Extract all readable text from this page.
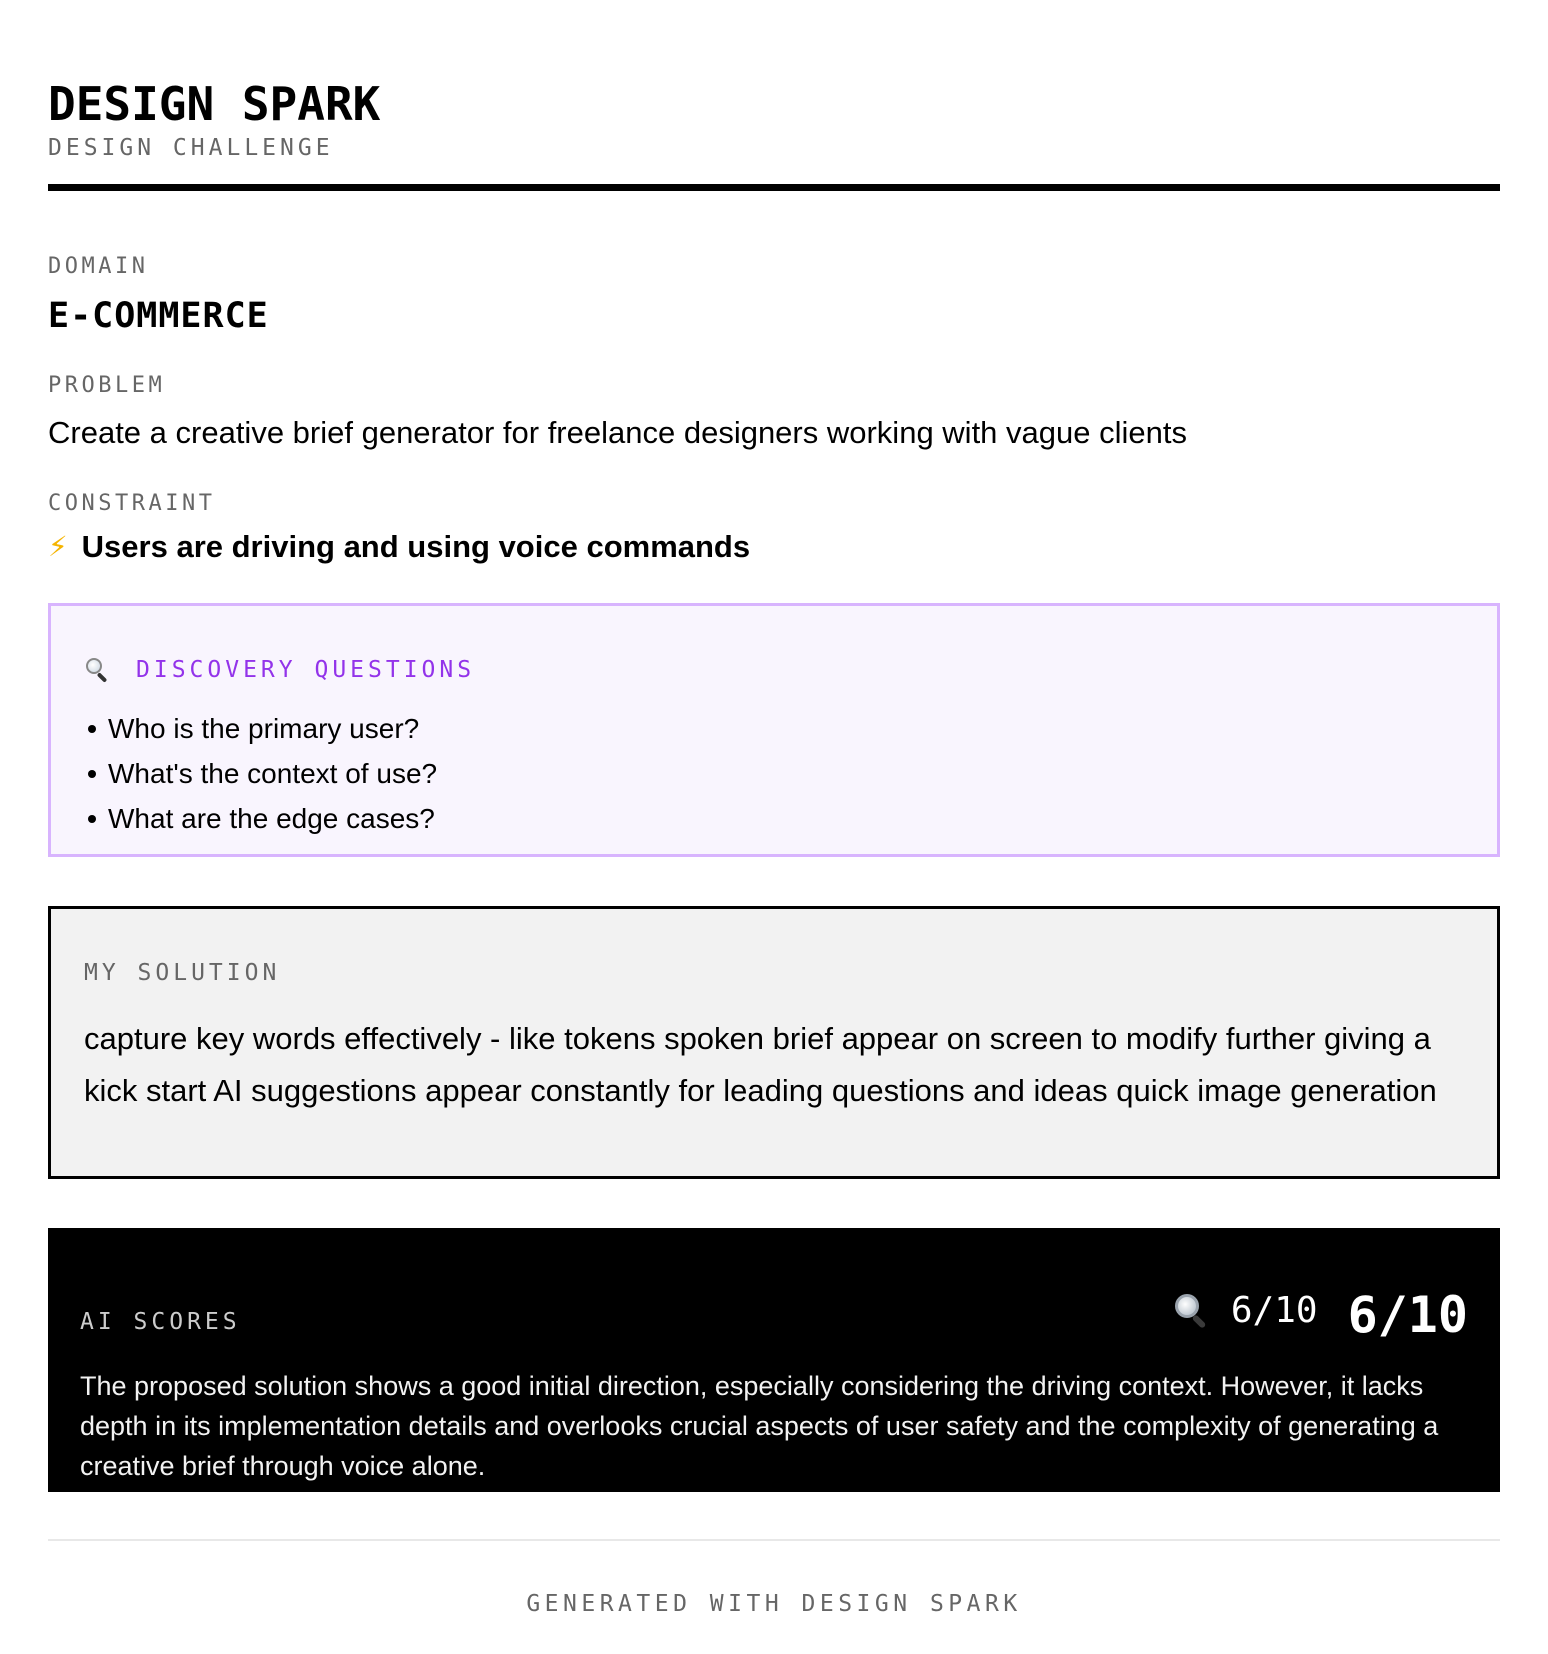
DESIGN SPARK
DESIGN CHALLENGE
DOMAIN
E-COMMERCE
PROBLEM
Create a creative brief generator for freelance designers working with vague clients
CONSTRAINT
⚡ Users are driving and using voice commands
DISCOVERY QUESTIONS
Who is the primary user?
What's the context of use?
What are the edge cases?
MY SOLUTION
capture key words effectively - like tokens spoken brief appear on screen to modify further giving a kick start AI suggestions appear constantly for leading questions and ideas quick image generation
AI SCORES	6/10 6/10
The proposed solution shows a good initial direction, especially considering the driving context. However, it lacks depth in its implementation details and overlooks crucial aspects of user safety and the complexity of generating a creative brief through voice alone.
GENERATED WITH DESIGN SPARK
